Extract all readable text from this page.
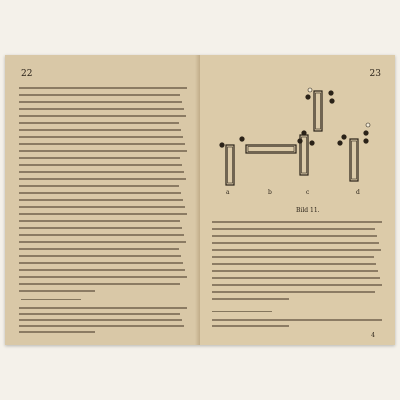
22	23
a	b	c	d
Bild 11.
4
